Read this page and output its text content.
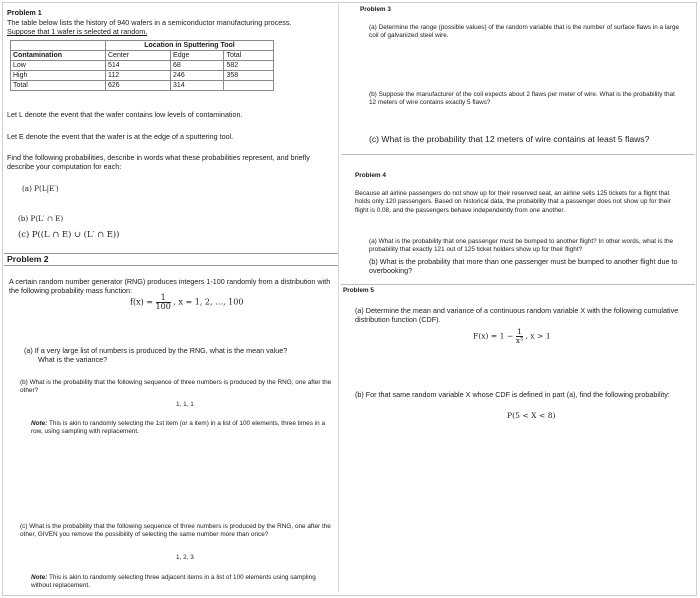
Problem 1
The table below lists the history of 940 wafers in a semiconductor manufacturing process.
Suppose that 1 wafer is selected at random.
	Location in Sputtering Tool		
Contamination	Center	Edge	Total
Low	514	68	582
High	112	246	358
Total	626	314	
Let L denote the event that the wafer contains low levels of contamination.
Let E denote the event that the wafer is at the edge of a sputtering tool.
Find the following probabilities, describe in words what these probabilities represent, and briefly describe your computation for each:
(a) P(L|E′)
(b) P(L′ ∩ E)
(c) P((L ∩ E) ∪ (L′ ∩ E))
Problem 2
A certain random number generator (RNG) produces integers 1-100 randomly from a distribution with the following probability mass function:
$f(x) = \frac{1}{100}$ , x = 1, 2, …, 100
(a) If a very large list of numbers is produced by the RNG, what is the mean value?
What is the variance?
(b) What is the probability that the following sequence of three numbers is produced by the RNG, one after the other?
1, 1, 1
Note: This is akin to randomly selecting the 1st item (or a item) in a list of 100 elements, three times in a row, using sampling with replacement.
(c) What is the probability that the following sequence of three numbers is produced by the RNG, one after the other, GIVEN you remove the possibility of selecting the same number more than once?
1, 2, 3
Note: This is akin to randomly selecting three adjacent items in a list of 100 elements using sampling without replacement.
Problem 3
(a) Determine the range (possible values) of the random variable that is the number of surface flaws in a large coil of galvanized steel wire.
(b) Suppose the manufacturer of the coil expects about 2 flaws per meter of wire. What is the probability that 12 meters of wire contains exactly 5 flaws?
(c) What is the probability that 12 meters of wire contains at least 5 flaws?
Problem 4
Because all airline passengers do not show up for their reserved seat, an airline sells 125 tickets for a flight that holds only 120 passengers. Based on historical data, the probability that a passenger does not show up for their flight is 0.08, and the passengers behave independently from one another.
(a) What is the probability that one passenger must be bumped to another flight? In other words, what is the probability that exactly 121 out of 125 ticket holders show up for their flight?
(b) What is the probability that more than one passenger must be bumped to another flight due to overbooking?
Problem 5
(a) Determine the mean and variance of a continuous random variable X with the following cumulative distribution function (CDF).
$F(x) = 1 - \frac{1}{\text{x³}}$ , x > 1
(b) For that same random variable X whose CDF is defined in part (a), find the following probability:
P(5 < X < 8)
